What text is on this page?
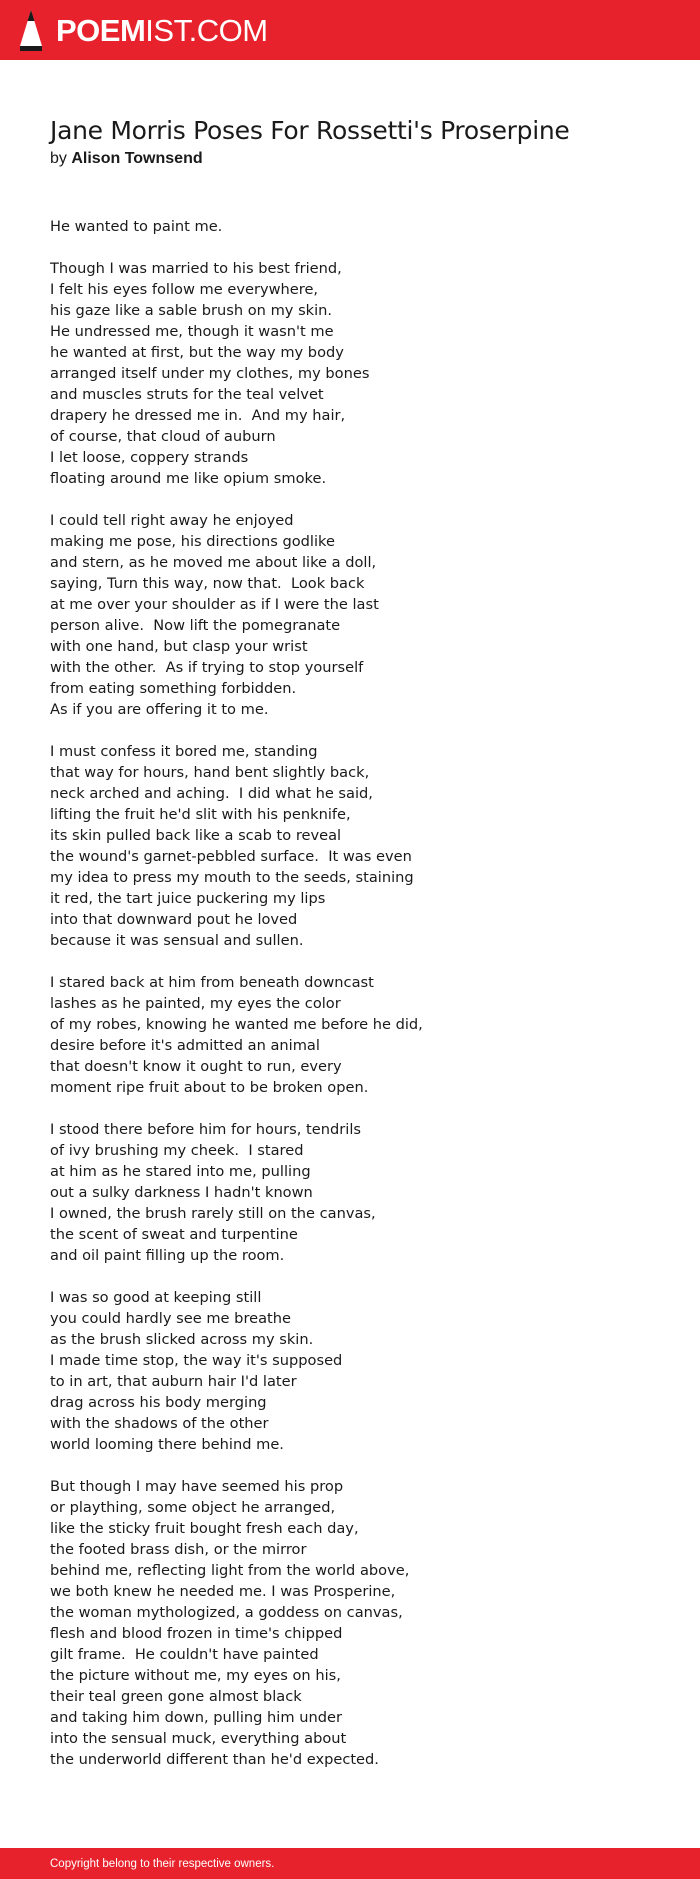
POEMIST.COM
Jane Morris Poses For Rossetti's Proserpine
by Alison Townsend
He wanted to paint me.
Though I was married to his best friend,
I felt his eyes follow me everywhere,
his gaze like a sable brush on my skin.
He undressed me, though it wasn't me
he wanted at first, but the way my body
arranged itself under my clothes, my bones
and muscles struts for the teal velvet
drapery he dressed me in.  And my hair,
of course, that cloud of auburn
I let loose, coppery strands
floating around me like opium smoke.
I could tell right away he enjoyed
making me pose, his directions godlike
and stern, as he moved me about like a doll,
saying, Turn this way, now that.  Look back
at me over your shoulder as if I were the last
person alive.  Now lift the pomegranate
with one hand, but clasp your wrist
with the other.  As if trying to stop yourself
from eating something forbidden.
As if you are offering it to me.
I must confess it bored me, standing
that way for hours, hand bent slightly back,
neck arched and aching.  I did what he said,
lifting the fruit he'd slit with his penknife,
its skin pulled back like a scab to reveal
the wound's garnet-pebbled surface.  It was even
my idea to press my mouth to the seeds, staining
it red, the tart juice puckering my lips
into that downward pout he loved
because it was sensual and sullen.
I stared back at him from beneath downcast
lashes as he painted, my eyes the color
of my robes, knowing he wanted me before he did,
desire before it's admitted an animal
that doesn't know it ought to run, every
moment ripe fruit about to be broken open.
I stood there before him for hours, tendrils
of ivy brushing my cheek.  I stared
at him as he stared into me, pulling
out a sulky darkness I hadn't known
I owned, the brush rarely still on the canvas,
the scent of sweat and turpentine
and oil paint filling up the room.
I was so good at keeping still
you could hardly see me breathe
as the brush slicked across my skin.
I made time stop, the way it's supposed
to in art, that auburn hair I'd later
drag across his body merging
with the shadows of the other
world looming there behind me.
But though I may have seemed his prop
or plaything, some object he arranged,
like the sticky fruit bought fresh each day,
the footed brass dish, or the mirror
behind me, reflecting light from the world above,
we both knew he needed me. I was Prosperine,
the woman mythologized, a goddess on canvas,
flesh and blood frozen in time's chipped
gilt frame.  He couldn't have painted
the picture without me, my eyes on his,
their teal green gone almost black
and taking him down, pulling him under
into the sensual muck, everything about
the underworld different than he'd expected.
Copyright belong to their respective owners.
